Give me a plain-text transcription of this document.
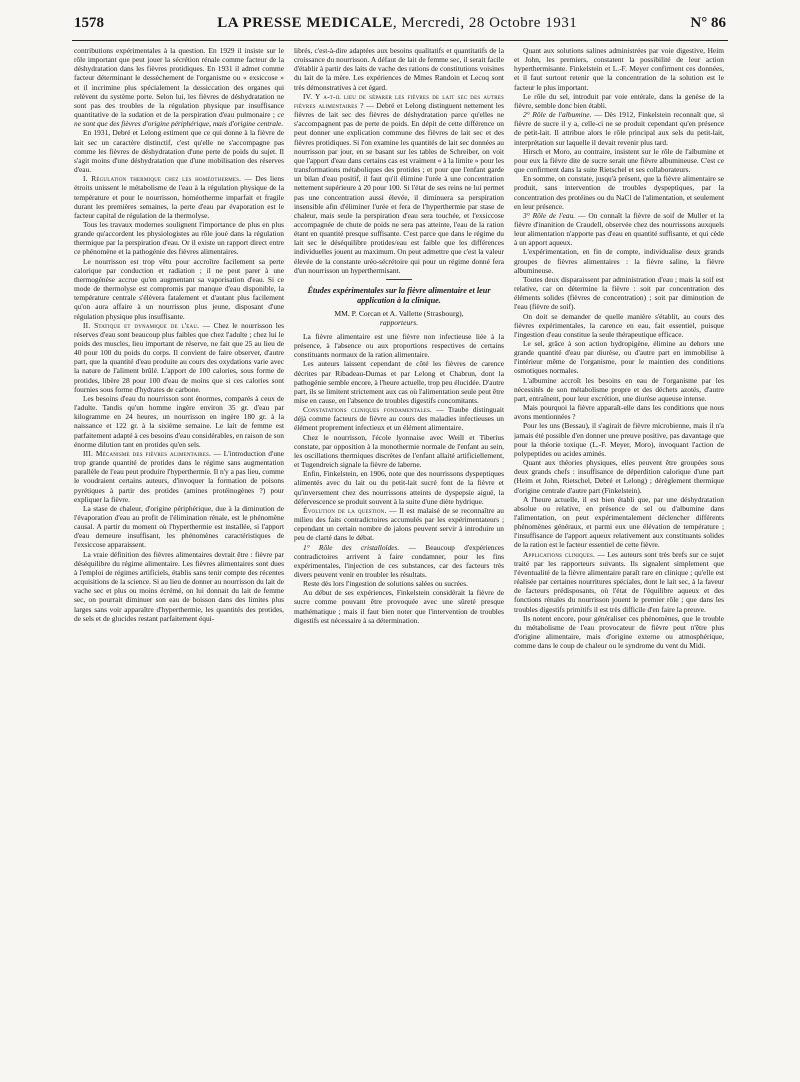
1578	LA PRESSE MEDICALE, Mercredi, 28 Octobre 1931	N° 86

contributions expérimentales à la question. En 1929 il insiste sur le rôle important que peut jouer la sécrétion rénale comme facteur de la déshydratation dans les fièvres protidiques. En 1931 il admet comme facteur déterminant le dessèchement de l'organisme ou « exsiccose » et il incrimine plus spécialement la dessiccation des organes qui relèvent du système porte. Selon lui, les fièvres de déshydratation ne sont pas des troubles de la régulation physique par insuffisance quantitative de la sudation et de la perspiration d'eau pulmonaire ; ce ne sont que des fièvres d'origine périphérique, mais d'origine centrale.

En 1931, Debré et Lelong estiment que ce qui donne à la fièvre de lait sec un caractère distinctif, c'est qu'elle ne s'accompagne pas comme les fièvres de déshydratation d'une perte de poids du sujet. Il s'agit moins d'une déshydratation que d'une mobilisation des réserves d'eau.

I. Régulation thermique chez les homéothermes. — Des liens étroits unissent le métabolisme de l'eau à la régulation physique de la température et pour le nourrisson, homéotherme imparfait et fragile durant les premières semaines, la perte d'eau par évaporation est le facteur capital de régulation de la thermolyse.

Tous les travaux modernes soulignent l'importance de plus en plus grande qu'accordent les physiologistes au rôle joué dans la régulation thermique par la perspiration d'eau. Or il existe un rapport direct entre ce phénomène et la pathogénie des fièvres alimentaires.

Le nourrisson est trop vêtu pour accroître facilement sa perte calorique par conduction et radiation ; il ne peut parer à une thermogénèse accrue qu'en augmentant sa vaporisation d'eau. Si ce mode de thermolyse est compromis par manque d'eau disponible, la température centrale s'élèvera fatalement et d'autant plus facilement qu'on aura affaire à un nourrisson plus jeune, disposant d'une régulation physique plus insuffisante.

II. Statique et dynamique de l'eau. — Chez le nourrisson les réserves d'eau sont beaucoup plus faibles que chez l'adulte ; chez lui le poids des muscles, lieu important de réserve, ne fait que 25 au lieu de 40 pour 100 du poids du corps. Il convient de faire observer, d'autre part, que la quantité d'eau produite au cours des oxydations varie avec la nature de l'aliment brûlé. L'apport de 100 calories, sous forme de protides, libère 28 pour 100 d'eau de moins que si ces calories sont fournies sous forme d'hydrates de carbone.

Les besoins d'eau du nourrisson sont énormes, comparés à ceux de l'adulte. Tandis qu'un homme ingère environ 35 gr. d'eau par kilogramme en 24 heures, un nourrisson en ingère 180 gr. à la naissance et 122 gr. à la sixième semaine. Le lait de femme est parfaitement adapté à ces besoins d'eau considérables, en raison de son énorme dilution tant en protides qu'en sels.

III. Mécanisme des fièvres alimentaires. — L'introduction d'une trop grande quantité de protides dans le régime sans augmentation parallèle de l'eau peut produire l'hyperthermie. Il n'y a pas lieu, comme le voudraient certains auteurs, d'invoquer la formation de poisons pyrétiques à partir des protides (amines protéinogènes ?) pour expliquer la fièvre.

La stase de chaleur, d'origine périphérique, due à la diminution de l'évaporation d'eau au profit de l'élimination rénale, est le phénomène causal. A partir du moment où l'hyperthermie est installée, si l'apport d'eau demeure insuffisant, les phénomènes caractéristiques de l'exsiccose apparaissent.

La vraie définition des fièvres alimentaires devrait être : fièvre par déséquilibre du régime alimentaire. Les fièvres alimentaires sont dues à l'emploi de régimes artificiels, établis sans tenir compte des récentes acquisitions de la science. Si au lieu de donner au nourrisson du lait de vache sec et plus ou moins écrémé, on lui donnait du lait de femme sec, on pourrait diminuer son eau de boisson dans des limites plus larges sans voir apparaître d'hyperthermie, les quantités des protides, de sels et de glucides restant parfaitement équi-

librés, c'est-à-dire adaptées aux besoins qualitatifs et quantitatifs de la croissance du nourrisson. A défaut de lait de femme sec, il serait facile d'établir à partir des laits de vache des rations de constitutions voisines du lait de la mère. Les expériences de Mmes Randoin et Lecoq sont très démonstratives à cet égard.

IV. Y a-t-il lieu de séparer les fièvres de lait sec des autres fièvres alimentaires ? — Debré et Lelong distinguent nettement les fièvres de lait sec des fièvres de déshydratation parce qu'elles ne s'accompagnent pas de perte de poids. En dépit de cette différence on peut donner une explication commune des fièvres de lait sec et des fièvres protidiques. Si l'on examine les quantités de lait sec données au nourrisson par jour, en se basant sur les tables de Schreiber, on voit que l'apport d'eau dans certains cas est vraiment « à la limite » pour les transformations métaboliques des protides ; et pour que l'enfant garde un bilan d'eau positif, il faut qu'il élimine l'urée à une concentration nettement supérieure à 20 pour 100. Si l'état de ses reins ne lui permet pas une concentration aussi élevée, il diminuera sa perspiration insensible afin d'éliminer l'urée et fera de l'hyperthermie par stase de chaleur, mais seule la perspiration d'eau sera touchée, et l'exsiccose accompagnée de chute de poids ne sera pas atteinte, l'eau de la ration étant en quantité presque suffisante. C'est parce que dans le régime du lait sec le déséquilibre protides/eau est faible que les différences individuelles jouent au maximum. On peut admettre que c'est la valeur élevée de la constante uréo-sécrétoire qui pour un régime donné fera d'un nourrisson un hyperthermisant.

Études expérimentales sur la fièvre alimentaire et leur application à la clinique.
MM. P. Corcan et A. Vallette (Strasbourg),
rapporteurs.

La fièvre alimentaire est une fièvre non infectieuse liée à la présence, à l'absence ou aux proportions respectives de certains constituants normaux de la ration alimentaire.

Les auteurs laissent cependant de côté les fièvres de carence décrites par Ribadeau-Dumas et par Lelong et Chabrun, dont la pathogénie semble encore, à l'heure actuelle, trop peu élucidée. D'autre part, ils se limitent strictement aux cas où l'alimentation seule peut être mise en cause, en l'absence de troubles digestifs concomitants.

Constatations cliniques fondamentales. — Traube distinguait déjà comme facteurs de fièvre au cours des maladies infectieuses un élément proprement infectieux et un élément alimentaire.

Chez le nourrisson, l'école lyonnaise avec Weill et Tiberius constate, par opposition à la monothermie normale de l'enfant au sein, les oscillations thermiques discrètes de l'enfant allaité artificiellement, et Tugendreich signale la fièvre de laberne.

Enfin, Finkelstein, en 1906, note que des nourrissons dyspeptiques alimentés avec du lait ou du petit-lait sucré font de la fièvre et qu'inversement chez des nourrissons atteints de dyspepsie aiguë, la défervescence se produit souvent à la suite d'une diète hydrique.

Évolution de la question. — Il est malaisé de se reconnaître au milieu des faits contradictoires accumulés par les expérimentateurs ; cependant un certain nombre de jalons peuvent servir à introduire un peu de clarté dans le débat.

1° Rôle des cristalloïdes. — Beaucoup d'expériences contradictoires arrivent à faire condamner, pour les fins expérimentales, l'injection de ces substances, car des facteurs très divers peuvent venir en troubler les résultats.

Reste dès lors l'ingestion de solutions salées ou sucrées.

Au début de ses expériences, Finkelstein considérait la fièvre de sucre comme pouvant être provoquée avec une sûreté presque mathématique ; mais il faut bien noter que l'intervention de troubles digestifs est nécessaire à sa détermination.

Quant aux solutions salines administrées par voie digestive, Heim et John, les premiers, constatent la possibilité de leur action hyperthermisante. Finkelstein et L.-F. Meyer confirment ces données, et il faut surtout retenir que la concentration de la solution est le facteur le plus important.

Le rôle du sel, introduit par voie entérale, dans la genèse de la fièvre, semble donc bien établi.

2° Rôle de l'albumine. — Dès 1912, Finkelstein reconnaît que, si fièvre de sucre il y a, celle-ci ne se produit cependant qu'en présence de petit-lait. Il attribue alors le rôle principal aux sels du petit-lait, interprétation sur laquelle il devait revenir plus tard.

Hirsch et Moro, au contraire, insistent sur le rôle de l'albumine et pour eux la fièvre dite de sucre serait une fièvre albumineuse. C'est ce que confirment dans la suite Rietschel et ses collaborateurs.

En somme, on constate, jusqu'à présent, que la fièvre alimentaire se produit, sans intervention de troubles dyspeptiques, par la concentration des protéines ou du NaCl de l'alimentation, et seulement en leur présence.

3° Rôle de l'eau. — On connaît la fièvre de soif de Muller et la fièvre d'inanition de Craudell, observée chez des nourrissons auxquels leur alimentation n'apporte pas d'eau en quantité suffisante, et qui cède à un apport aqueux.

L'expérimentation, en fin de compte, individualise deux grands groupes de fièvres alimentaires : la fièvre saline, la fièvre albumineuse.

Toutes deux disparaissent par administration d'eau ; mais la soif est relative, car on détermine la fièvre : soit par concentration des éléments solides (fièvres de concentration) ; soit par diminution de l'eau (fièvre de soif).

On doit se demander de quelle manière s'établit, au cours des fièvres expérimentales, la carence en eau, fait essentiel, puisque l'ingestion d'eau constitue la seule thérapeutique efficace.

Le sel, grâce à son action hydropigène, élimine au dehors une grande quantité d'eau par diurèse, ou d'autre part en immobilise à l'intérieur même de l'organisme, pour le maintien des conditions osmotiques normales.

L'albumine accroît les besoins en eau de l'organisme par les nécessités de son métabolisme propre et des déchets azotés, d'autre part, entraînent, pour leur excrétion, une diurèse aqueuse intense.

Mais pourquoi la fièvre apparaît-elle dans les conditions que nous avons mentionnées ?

Pour les uns (Bessau), il s'agirait de fièvre microbienne, mais il n'a jamais été possible d'en donner une preuve positive, pas davantage que pour la théorie toxique (L.-F. Meyer, Moro), invoquant l'action de polypeptides ou acides aminés.

Quant aux théories physiques, elles peuvent être groupées sous deux grands chefs : insuffisance de déperdition calorique d'une part (Heim et John, Rietschel, Debré et Lelong) ; dérèglement thermique d'origine centrale d'autre part (Finkelstein).

A l'heure actuelle, il est bien établi que, par une déshydratation absolue ou relative, en présence de sel ou d'albumine dans l'alimentation, on peut expérimentalement déclencher différents phénomènes généraux, et parmi eux une élévation de température ; l'insuffisance de l'apport aqueux relativement aux constituants solides de la ration est le facteur essentiel de cette fièvre.

Applications cliniques. — Les auteurs sont très brefs sur ce sujet traité par les rapporteurs suivants. Ils signalent simplement que l'éventualité de la fièvre alimentaire paraît rare en clinique ; qu'elle est réalisée par certaines nourritures spéciales, dont le lait sec, à la faveur de facteurs prédisposants, où l'état de l'équilibre aqueux et des fonctions rénales du nourrisson jouent le premier rôle ; que dans les troubles digestifs primitifs il est très difficile d'en faire la preuve.

Ils notent encore, pour généraliser ces phénomènes, que le trouble du métabolisme de l'eau provocateur de fièvre peut n'être plus d'origine alimentaire, mais d'origine externe ou atmosphérique, comme dans le coup de chaleur ou le syndrome du vent du Midi.
